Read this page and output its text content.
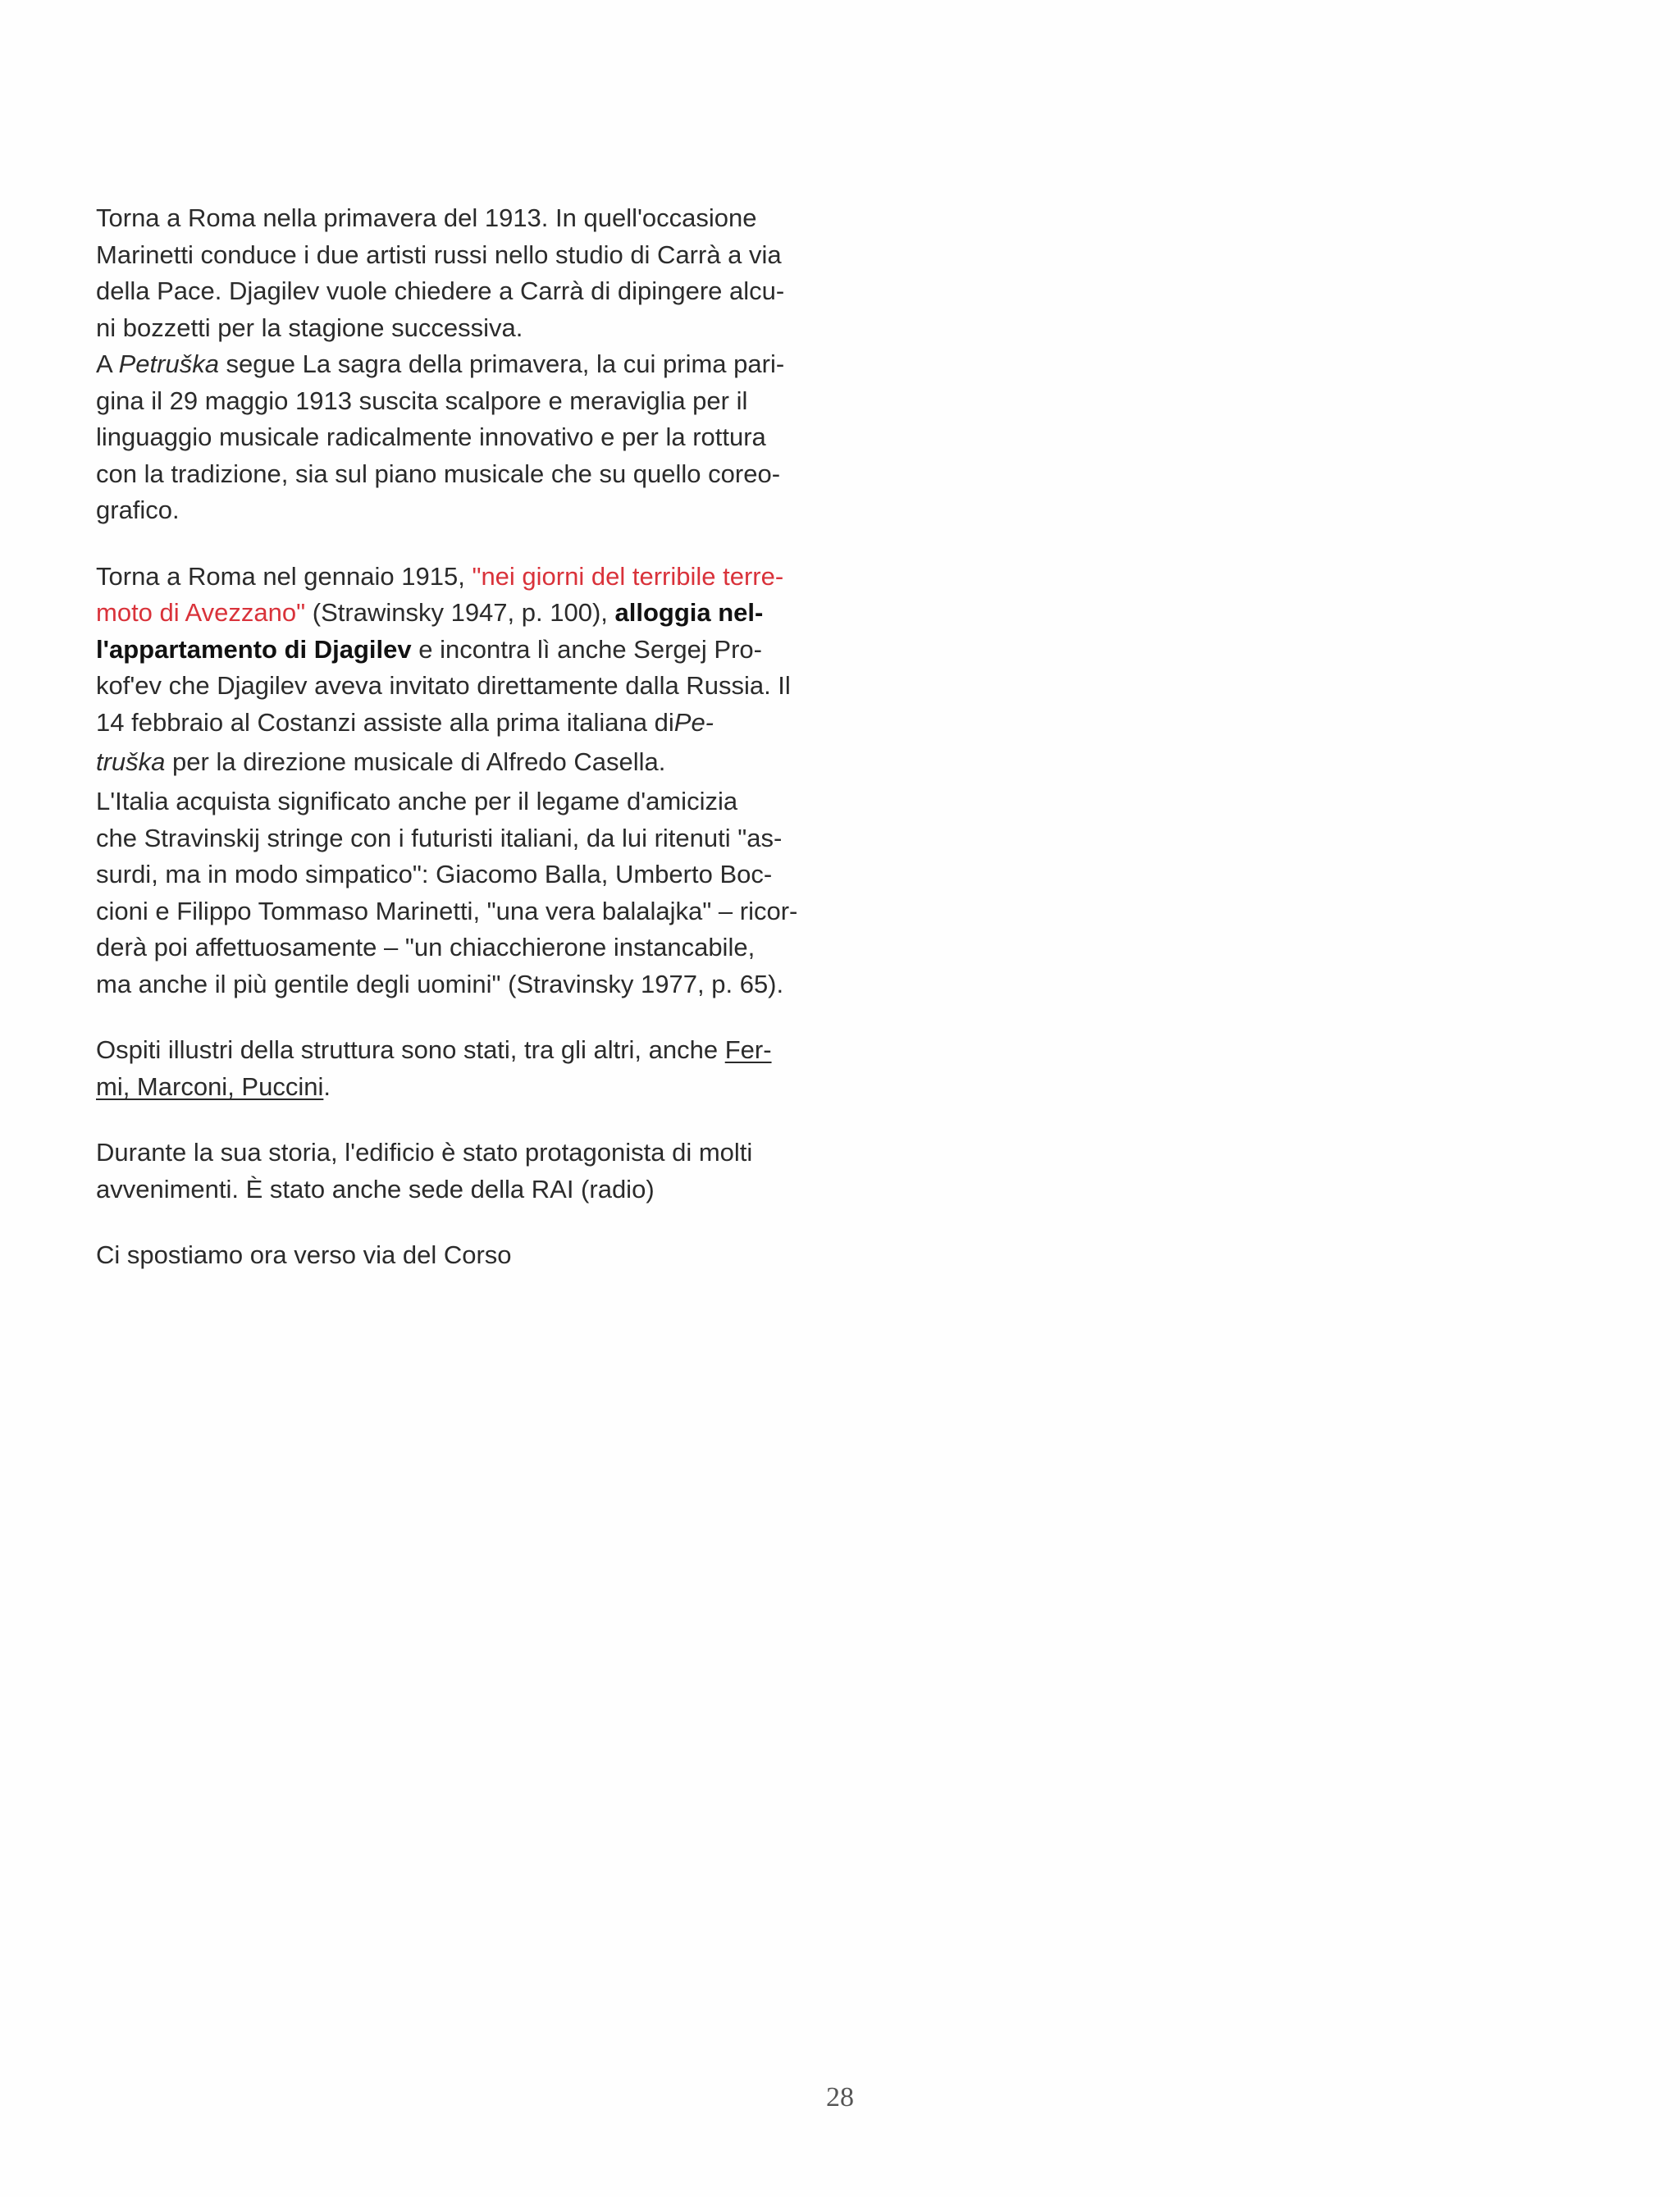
Torna a Roma nella primavera del 1913. In quell'occasione
Marinetti conduce i due artisti russi nello studio di Carrà a via
della Pace. Djagilev vuole chiedere a Carrà di dipingere alcu-
ni bozzetti per la stagione successiva.
A Petruška segue La sagra della primavera, la cui prima pari-
gina il 29 maggio 1913 suscita scalpore e meraviglia per il
linguaggio musicale radicalmente innovativo e per la rottura
con la tradizione, sia sul piano musicale che su quello coreo-
grafico.
Torna a Roma nel gennaio 1915, "nei giorni del terribile terre-
moto di Avezzano" (Strawinsky 1947, p. 100), alloggia nel-
l'appartamento di Djagilev e incontra lì anche Sergej Pro-
kof'ev che Djagilev aveva invitato direttamente dalla Russia. Il
14 febbraio al Costanzi assiste alla prima italiana diPe-
truška per la direzione musicale di Alfredo Casella.
L'Italia acquista significato anche per il legame d'amicizia
che Stravinskij stringe con i futuristi italiani, da lui ritenuti "as-
surdi, ma in modo simpatico": Giacomo Balla, Umberto Boc-
cioni e Filippo Tommaso Marinetti, "una vera balalajka" – ricor-
derà poi affettuosamente – "un chiacchierone instancabile,
ma anche il più gentile degli uomini" (Stravinsky 1977, p. 65).
Ospiti illustri della struttura sono stati, tra gli altri, anche Fer-
mi, Marconi, Puccini.
Durante la sua storia, l'edificio è stato protagonista di molti
avvenimenti. È stato anche sede della RAI (radio)
Ci spostiamo ora verso via del Corso
28
